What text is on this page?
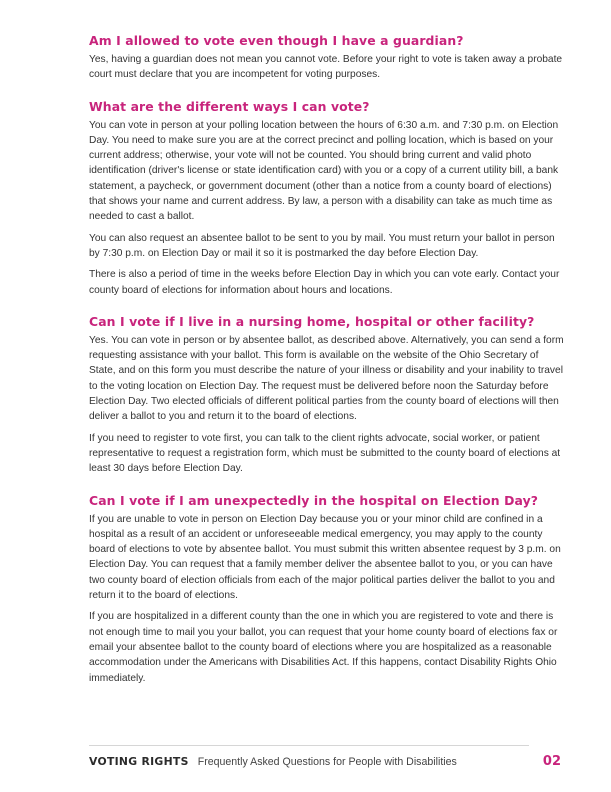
Am I allowed to vote even though I have a guardian?

Yes, having a guardian does not mean you cannot vote. Before your right to vote is taken away a probate court must declare that you are incompetent for voting purposes.

What are the different ways I can vote?

You can vote in person at your polling location between the hours of 6:30 a.m. and 7:30 p.m. on Election Day. You need to make sure you are at the correct precinct and polling location, which is based on your current address; otherwise, your vote will not be counted. You should bring current and valid photo identification (driver's license or state identification card) with you or a copy of a current utility bill, a bank statement, a paycheck, or government document (other than a notice from a county board of elections) that shows your name and current address. By law, a person with a disability can take as much time as needed to cast a ballot.

You can also request an absentee ballot to be sent to you by mail. You must return your ballot in person by 7:30 p.m. on Election Day or mail it so it is postmarked the day before Election Day.

There is also a period of time in the weeks before Election Day in which you can vote early. Contact your county board of elections for information about hours and locations.

Can I vote if I live in a nursing home, hospital or other facility?

Yes. You can vote in person or by absentee ballot, as described above. Alternatively, you can send a form requesting assistance with your ballot. This form is available on the website of the Ohio Secretary of State, and on this form you must describe the nature of your illness or disability and your inability to travel to the voting location on Election Day. The request must be delivered before noon the Saturday before Election Day. Two elected officials of different political parties from the county board of elections will then deliver a ballot to you and return it to the board of elections.

If you need to register to vote first, you can talk to the client rights advocate, social worker, or patient representative to request a registration form, which must be submitted to the county board of elections at least 30 days before Election Day.

Can I vote if I am unexpectedly in the hospital on Election Day?

If you are unable to vote in person on Election Day because you or your minor child are confined in a hospital as a result of an accident or unforeseeable medical emergency, you may apply to the county board of elections to vote by absentee ballot. You must submit this written absentee request by 3 p.m. on Election Day. You can request that a family member deliver the absentee ballot to you, or you can have two county board of election officials from each of the major political parties deliver the ballot to you and return it to the board of elections.

If you are hospitalized in a different county than the one in which you are registered to vote and there is not enough time to mail you your ballot, you can request that your home county board of elections fax or email your absentee ballot to the county board of elections where you are hospitalized as a reasonable accommodation under the Americans with Disabilities Act. If this happens, contact Disability Rights Ohio immediately.

VOTING RIGHTS Frequently Asked Questions for People with Disabilities	02
